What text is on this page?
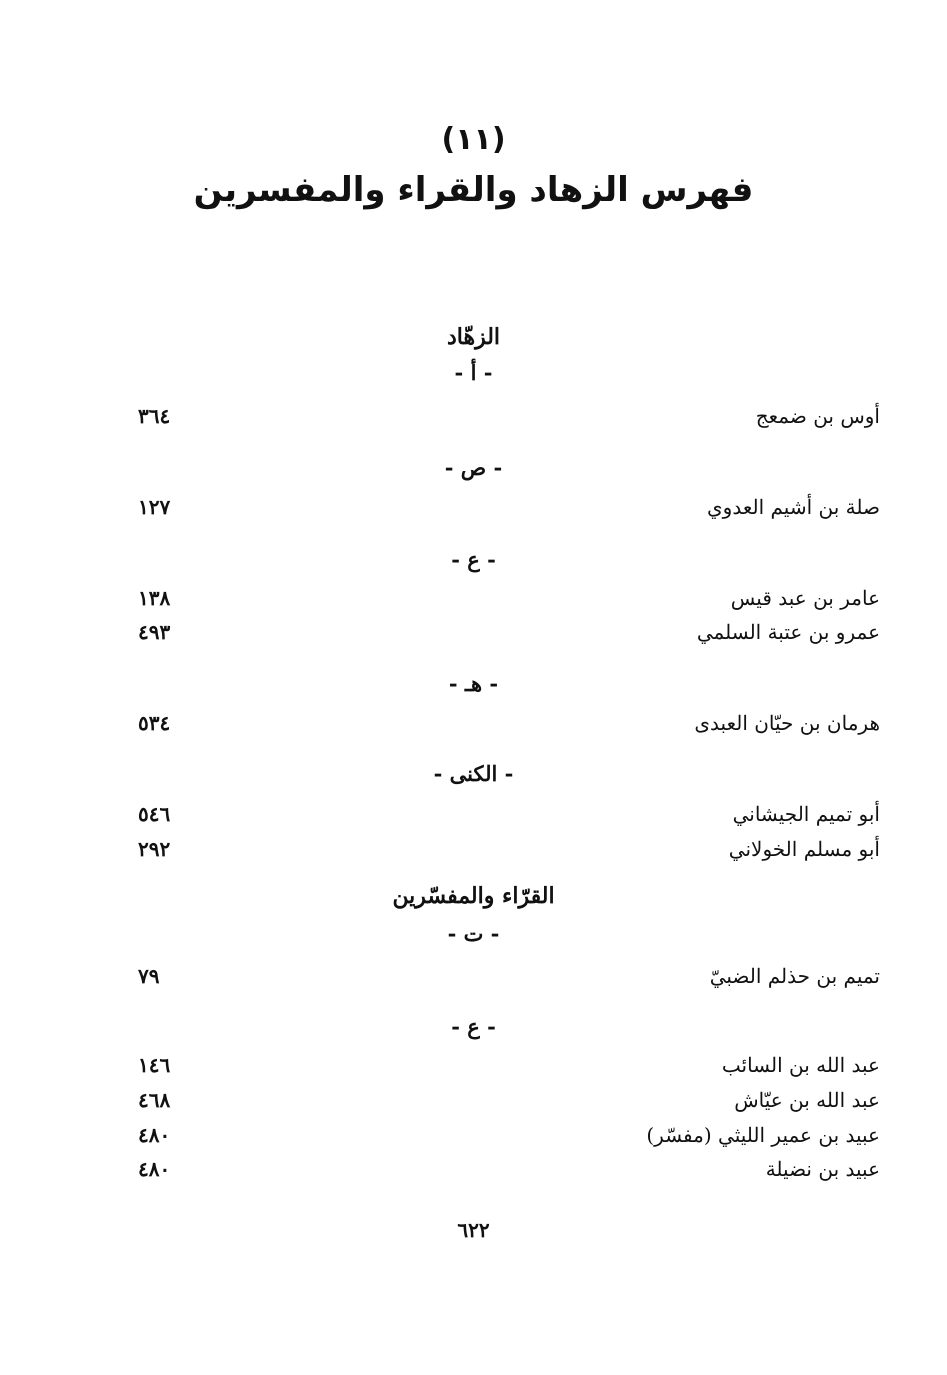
(١١)
فهرس الزهاد والقراء والمفسرين
الزهّاد
- أ -
أوس بن ضمعج
٣٦٤
- ص -
صلة بن أشيم العدوي
١٢٧
- ع -
عامر بن عبد قيس
١٣٨
عمرو بن عتبة السلمي
٤٩٣
- هـ -
هرمان بن حيّان العبدى
٥٣٤
- الكنى -
أبو تميم الجيشاني
٥٤٦
أبو مسلم الخولاني
٢٩٢
القرّاء والمفسّرين
- ت -
تميم بن حذلم الضبيّ
٧٩
- ع -
عبد الله بن السائب
١٤٦
عبد الله بن عيّاش
٤٦٨
عبيد بن عمير الليثي (مفسّر)
٤٨٠
عبيد بن نضيلة
٤٨٠
٦٢٢
